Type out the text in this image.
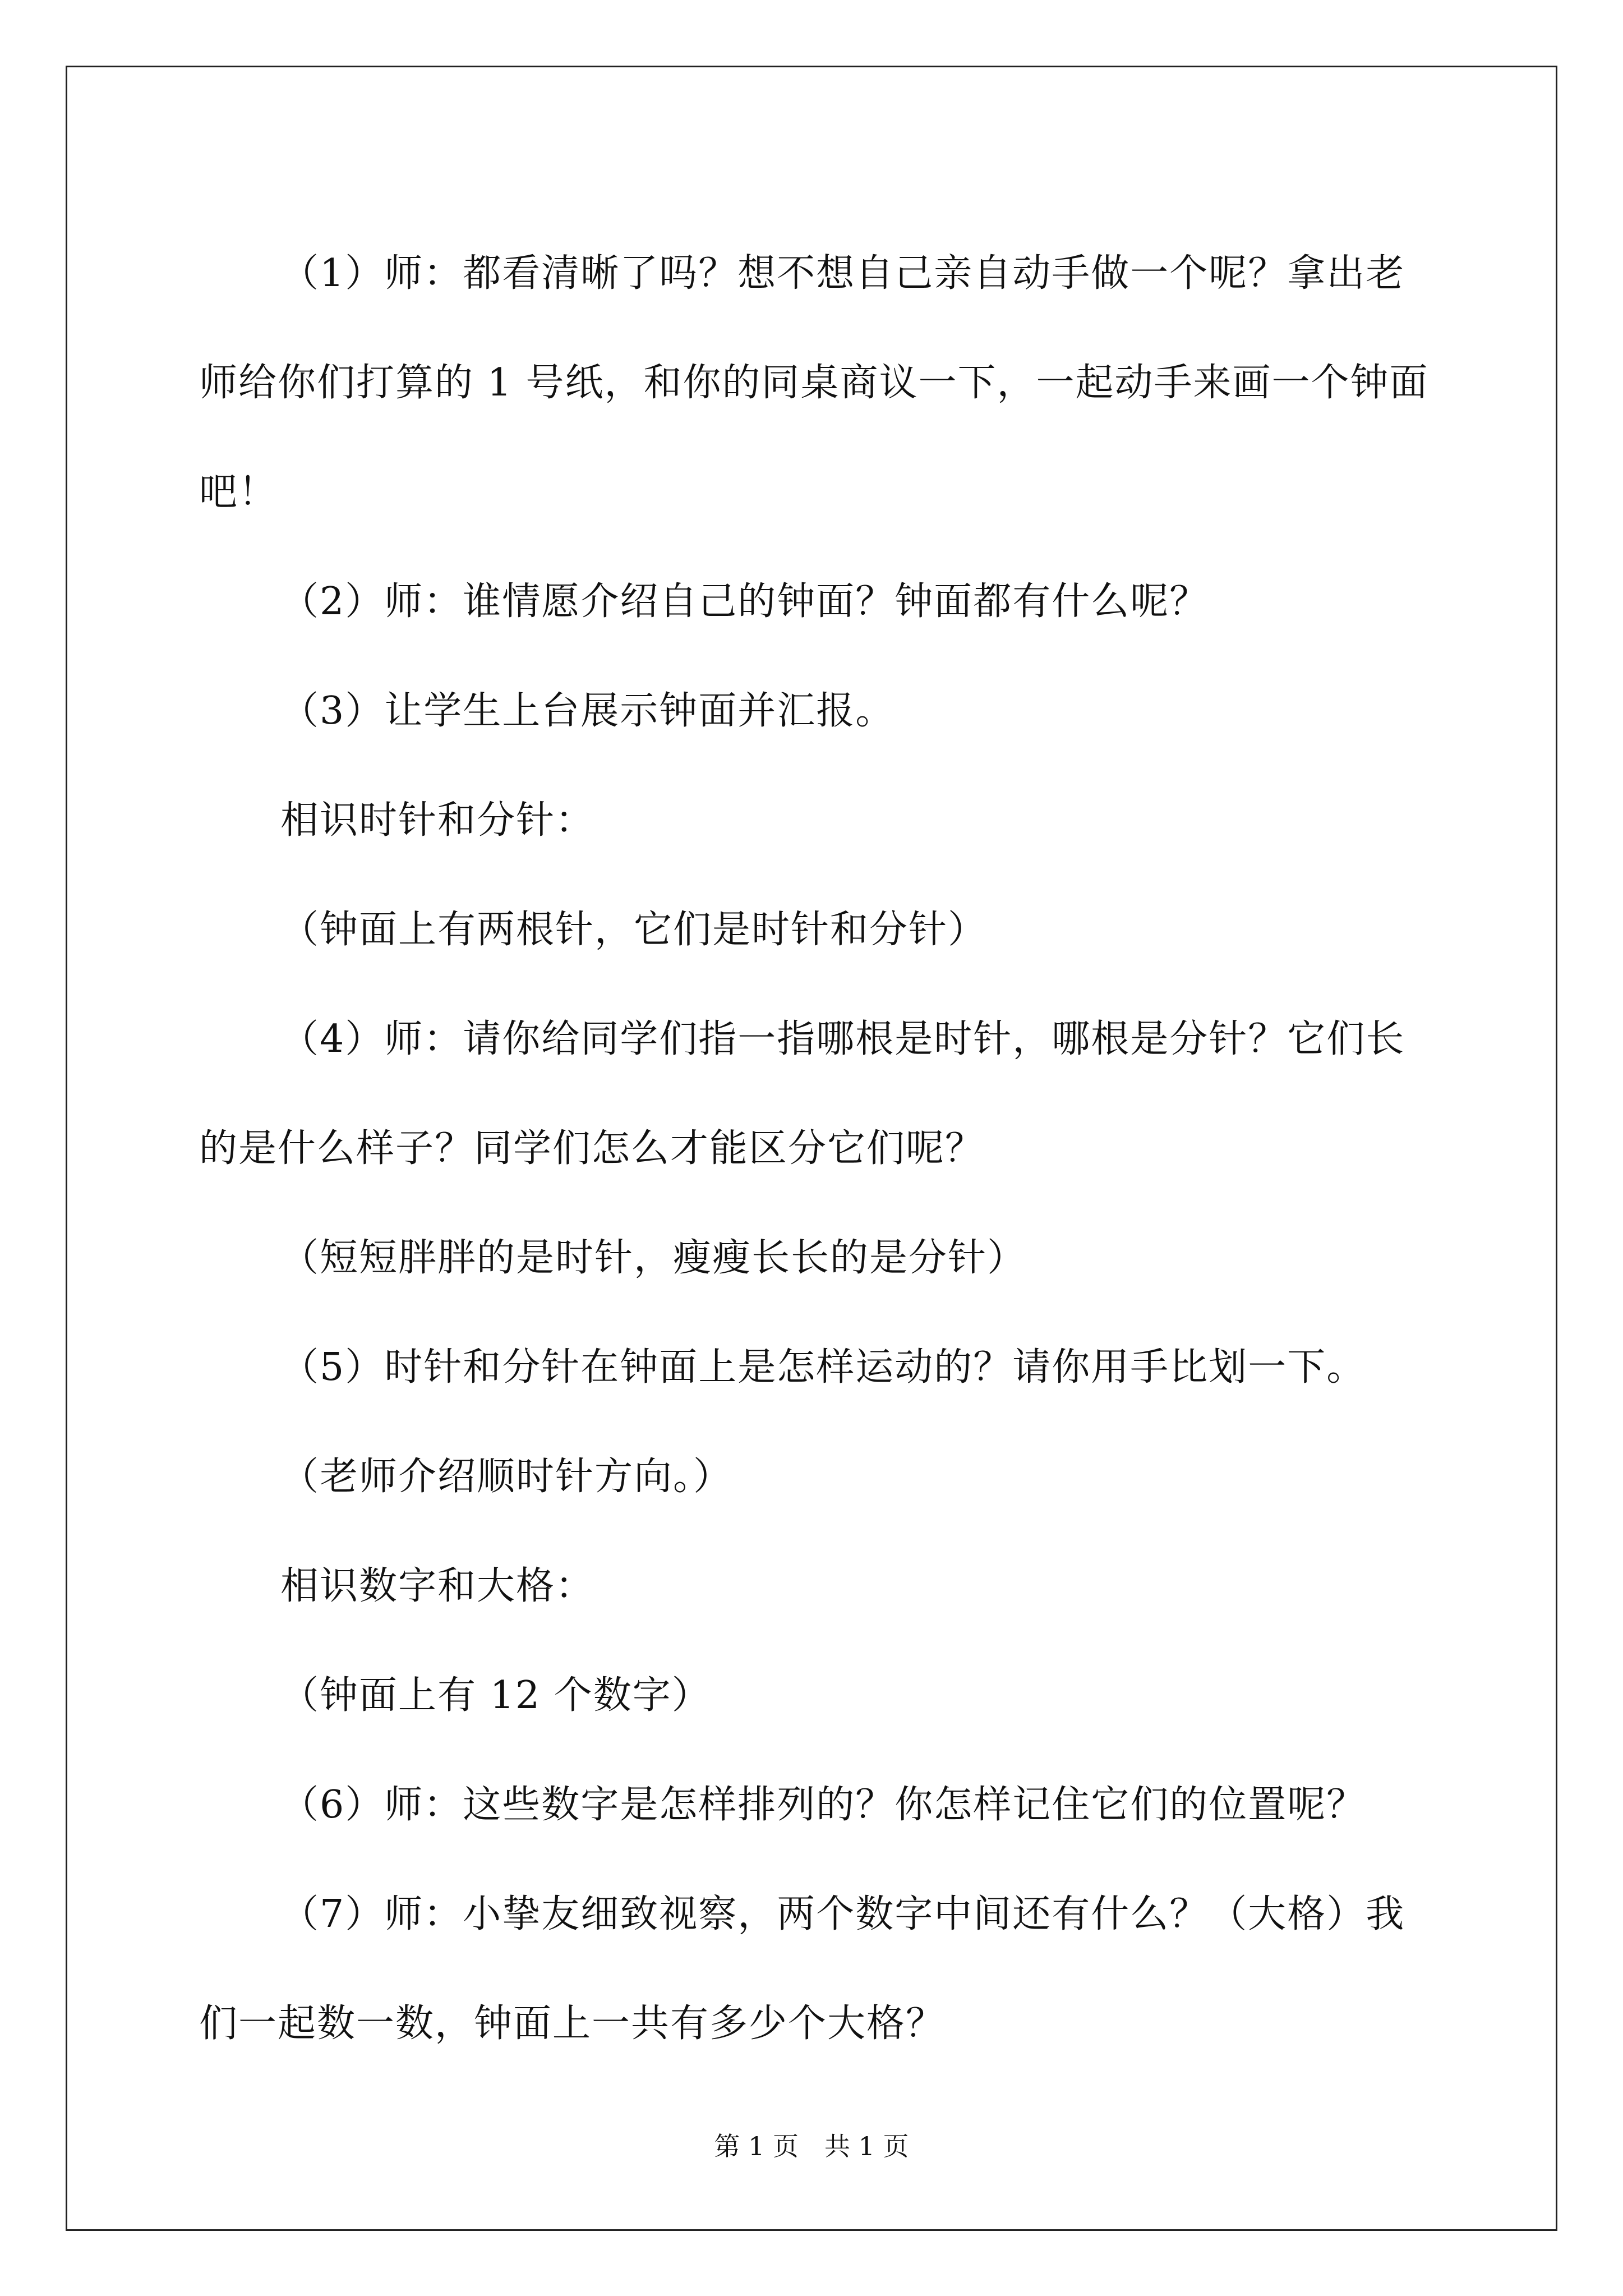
（1）师：都看清晰了吗？想不想自己亲自动手做一个呢？拿出老师给你们打算的 1 号纸，和你的同桌商议一下，一起动手来画一个钟面吧！

（2）师：谁情愿介绍自己的钟面？钟面都有什么呢？

（3）让学生上台展示钟面并汇报。

相识时针和分针：

（钟面上有两根针，它们是时针和分针）

（4）师：请你给同学们指一指哪根是时针，哪根是分针？它们长的是什么样子？同学们怎么才能区分它们呢？

（短短胖胖的是时针，瘦瘦长长的是分针）

（5）时针和分针在钟面上是怎样运动的？请你用手比划一下。

（老师介绍顺时针方向。）

相识数字和大格：

（钟面上有 12 个数字）

（6）师：这些数字是怎样排列的？你怎样记住它们的位置呢？

（7）师：小挚友细致视察，两个数字中间还有什么？（大格）我们一起数一数，钟面上一共有多少个大格？

第 1 页　共 1 页
